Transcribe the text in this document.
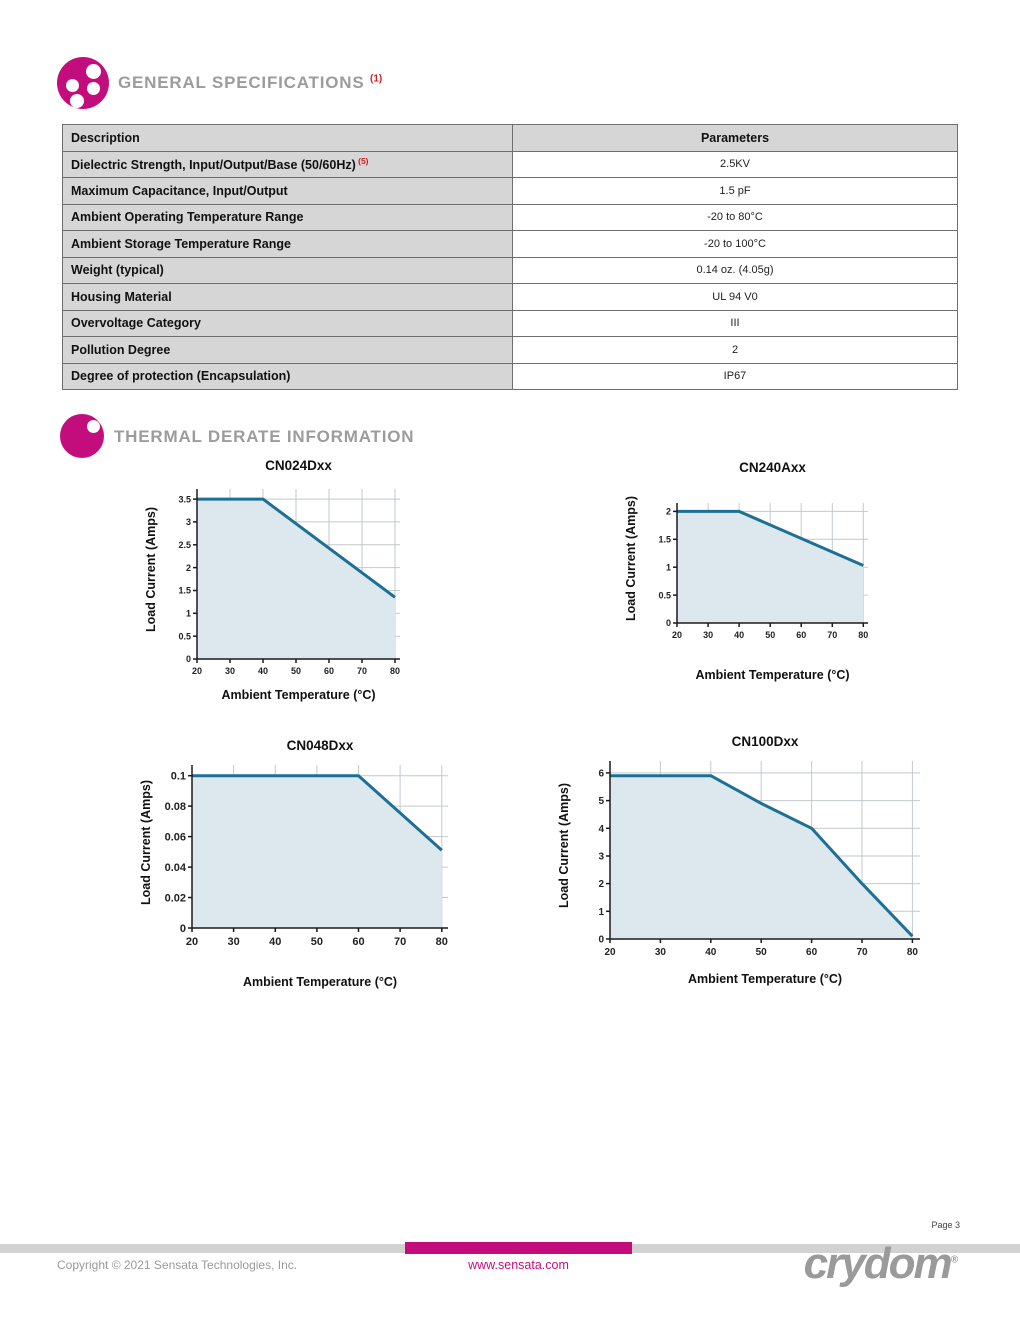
GENERAL SPECIFICATIONS $^{(1)}$
Description	Parameters
Dielectric Strength, Input/Output/Base (50/60Hz) $^{(5)}$	2.5KV
Maximum Capacitance, Input/Output	1.5 pF
Ambient Operating Temperature Range	-20 to 80°C
Ambient Storage Temperature Range	-20 to 100°C
Weight (typical)	0.14 oz. (4.05g)
Housing Material	UL 94 V0
Overvoltage Category	III
Pollution Degree	2
Degree of protection (Encapsulation)	IP67
THERMAL DERATE INFORMATION
CN024Dxx
Load Current (Amps)
20	30	40	50	60	70	80
0
0.5
1
1.5
2
2.5
3
3.5
Ambient Temperature (°C)
CN240Axx
Load Current (Amps)
20 30 40 50 60 70 80
0
0.5
1
1.5
2
Ambient Temperature (°C)
CN048Dxx
Load Current (Amps)
20	30	40	50	60	70	80
0
0.02
0.04
0.06
0.08
0.1
Ambient Temperature (°C)
CN100Dxx
Load Current (Amps)
20	30	40	50	60	70	80
0
1
2
3
4
5
6
Ambient Temperature (°C)
Page 3
Copyright © 2021 Sensata Technologies, Inc.	www.sensata.com	crydom®
